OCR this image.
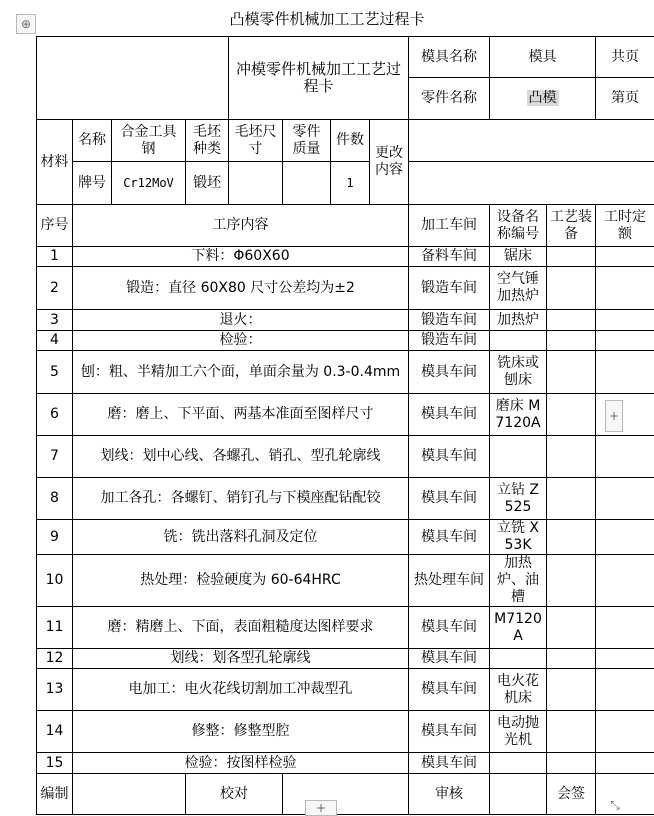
⊕	凸模零件机械加工工艺过程卡
				冲模零件机械加工工艺过程卡				模具名称	模具		共页
								零件名称	凸模		第页
材料	名称	合金工具钢	毛坯种类	毛坯尺寸	零件质量	件数	更改内容				
	牌号	Cr12MoV	锻坯			1					
序号	工序内容							加工车间	设备名称编号	工艺装备	工时定额
1	下料：Φ60X60							备料车间	锯床		
2	锻造：直径 60X80 尺寸公差均为±2							锻造车间	空气锤加热炉		
3	退火：							锻造车间	加热炉		
4	检验：							锻造车间			
5	刨：粗、半精加工六个面，单面余量为 0.3-0.4mm							模具车间	铣床或刨床		
6	磨：磨上、下平面、两基本准面至图样尺寸							模具车间	磨床 M7120A		
7	划线：划中心线、各螺孔、销孔、型孔轮廓线							模具车间			
8	加工各孔：各螺钉、销钉孔与下模座配钻配铰							模具车间	立钻 Z525		
9	铣：铣出落料孔洞及定位							模具车间	立铣 X53K		
10	热处理：检验硬度为 60-64HRC							热处理车间	加热炉、油槽		
11	磨：精磨上、下面，表面粗糙度达图样要求							模具车间	M7120A		
12	划线：划各型孔轮廓线							模具车间			
13	电加工：电火花线切割加工冲裁型孔							模具车间	电火花机床		
14	修整：修整型腔							模具车间	电动抛光机		
15	检验：按图样检验							模具车间			
编制			校对					审核		会签	
+
+	⤡
